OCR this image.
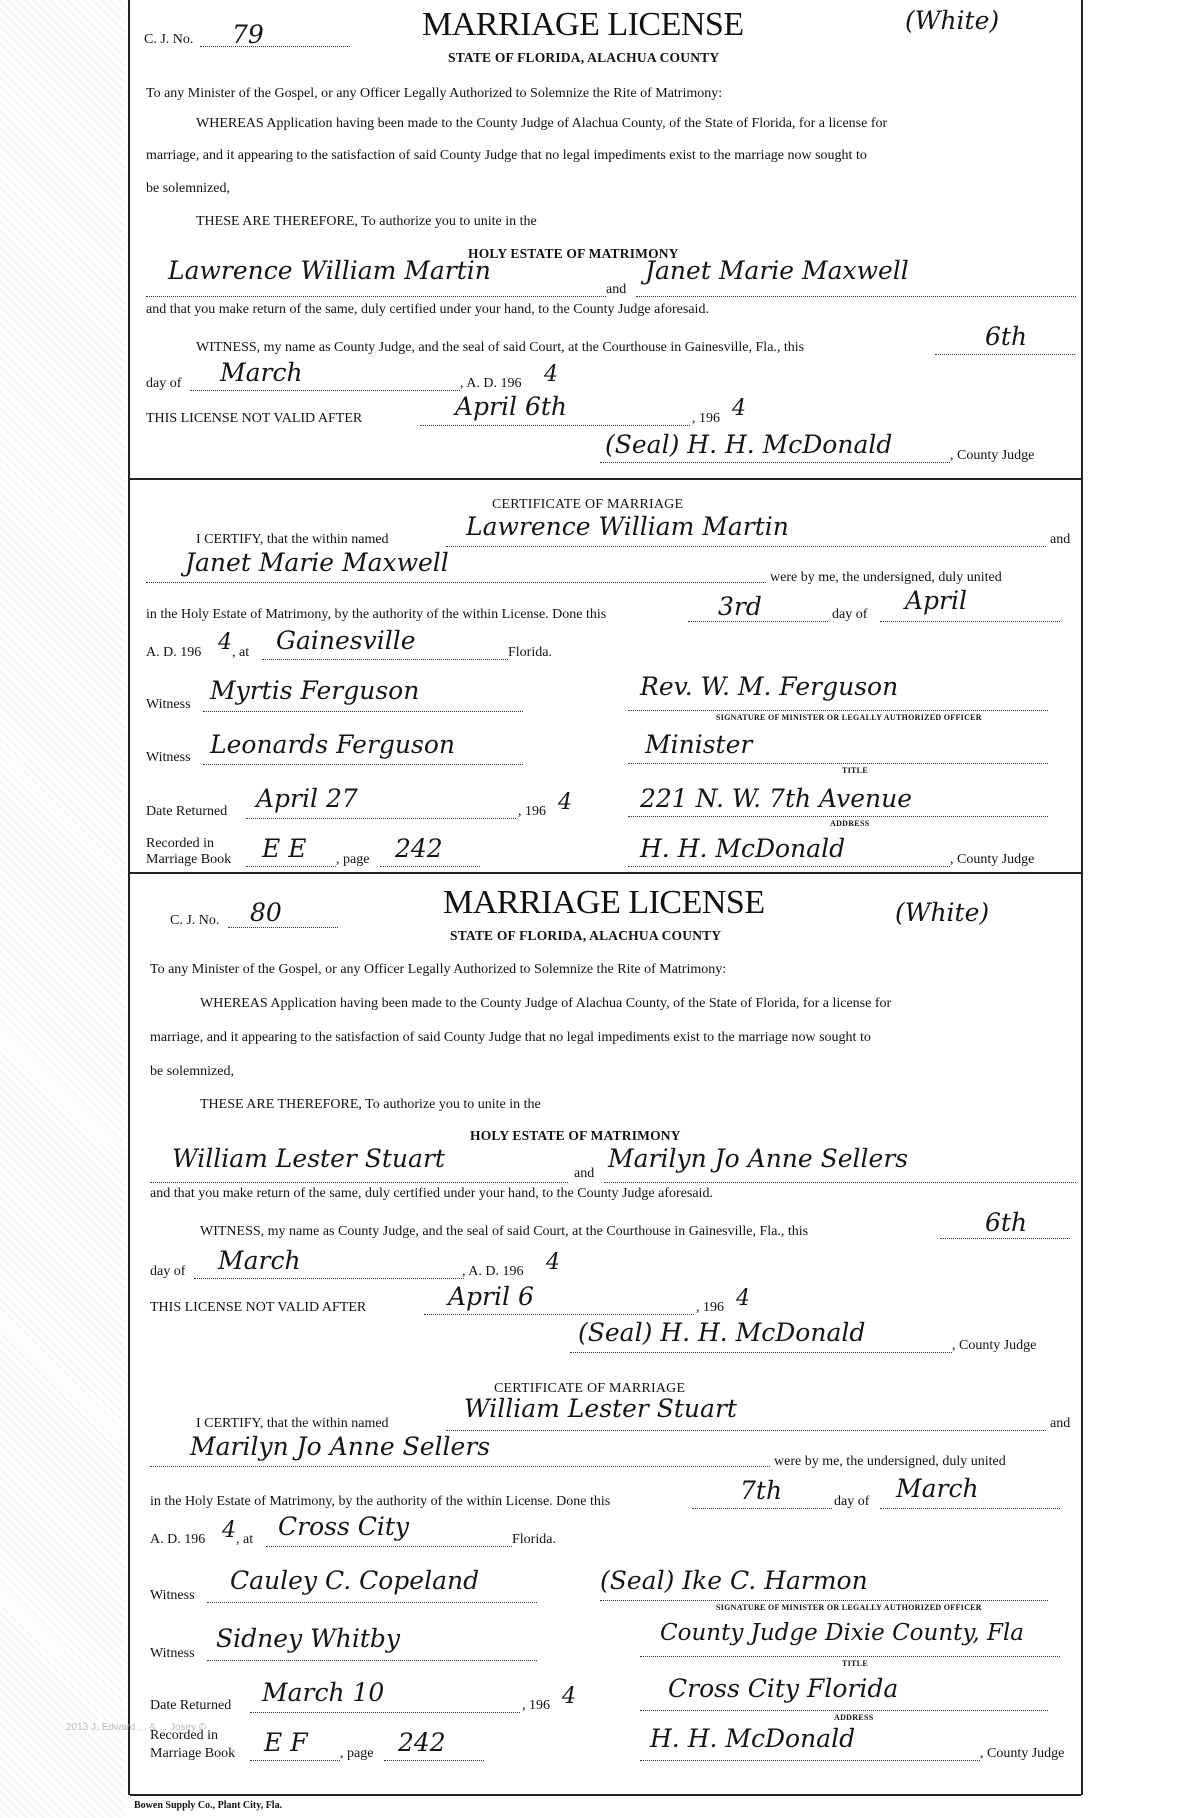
C. J. No. 79	MARRIAGE LICENSE	(White)
STATE OF FLORIDA, ALACHUA COUNTY
To any Minister of the Gospel, or any Officer Legally Authorized to Solemnize the Rite of Matrimony:
WHEREAS Application having been made to the County Judge of Alachua County, of the State of Florida, for a license for
marriage, and it appearing to the satisfaction of said County Judge that no legal impediments exist to the marriage now sought to
be solemnized,
THESE ARE THEREFORE, To authorize you to unite in the
HOLY ESTATE OF MATRIMONY
Lawrence William Martin
and
Janet Marie Maxwell
and that you make return of the same, duly certified under your hand, to the County Judge aforesaid.
WITNESS, my name as County Judge, and the seal of said Court, at the Courthouse in Gainesville, Fla., this	6th
day of March	, A. D. 196 4
THIS LICENSE NOT VALID AFTER	April 6th	, 196 4
(Seal) H. H. McDonald	, County Judge
CERTIFICATE OF MARRIAGE
I CERTIFY, that the within named	Lawrence William Martin	and
Janet Marie Maxwell
were by me, the undersigned, duly united
in the Holy Estate of Matrimony, by the authority of the within License. Done this	3rd	day of April
A. D. 196 4 , at Gainesville	Florida.
Witness Myrtis Ferguson	Rev. W. M. Ferguson
SIGNATURE OF MINISTER OR LEGALLY AUTHORIZED OFFICER
Witness Leonards Ferguson	Minister
TITLE
Date Returned April 27	, 196 4	221 N. W. 7th Avenue
ADDRESS
Recorded in
Marriage Book E E , page 242	H. H. McDonald	, County Judge
C. J. No. 80	MARRIAGE LICENSE	(White)
STATE OF FLORIDA, ALACHUA COUNTY
To any Minister of the Gospel, or any Officer Legally Authorized to Solemnize the Rite of Matrimony:
WHEREAS Application having been made to the County Judge of Alachua County, of the State of Florida, for a license for
marriage, and it appearing to the satisfaction of said County Judge that no legal impediments exist to the marriage now sought to
be solemnized,
THESE ARE THEREFORE, To authorize you to unite in the
HOLY ESTATE OF MATRIMONY
William Lester Stuart
and
Marilyn Jo Anne Sellers
and that you make return of the same, duly certified under your hand, to the County Judge aforesaid.
WITNESS, my name as County Judge, and the seal of said Court, at the Courthouse in Gainesville, Fla., this	6th
day of March	, A. D. 196 4
THIS LICENSE NOT VALID AFTER	April 6	, 196 4
(Seal) H. H. McDonald	, County Judge
CERTIFICATE OF MARRIAGE
I CERTIFY, that the within named
William Lester Stuart
and
Marilyn Jo Anne Sellers
were by me, the undersigned, duly united
in the Holy Estate of Matrimony, by the authority of the within License. Done this	7th	day of March
A. D. 196 4 , at Cross City	Florida.
Witness
Cauley C. Copeland	(Seal) Ike C. Harmon
SIGNATURE OF MINISTER OR LEGALLY AUTHORIZED OFFICER
Witness
Sidney Whitby	County Judge Dixie County, Fla
TITLE
Date Returned March 10	, 196 4	Cross City Florida
ADDRESS
Recorded in
Marriage Book E F , page 242	H. H. McDonald
, County Judge
2013 J. Edward ... & ... Josey ©
Bowen Supply Co., Plant City, Fla.
